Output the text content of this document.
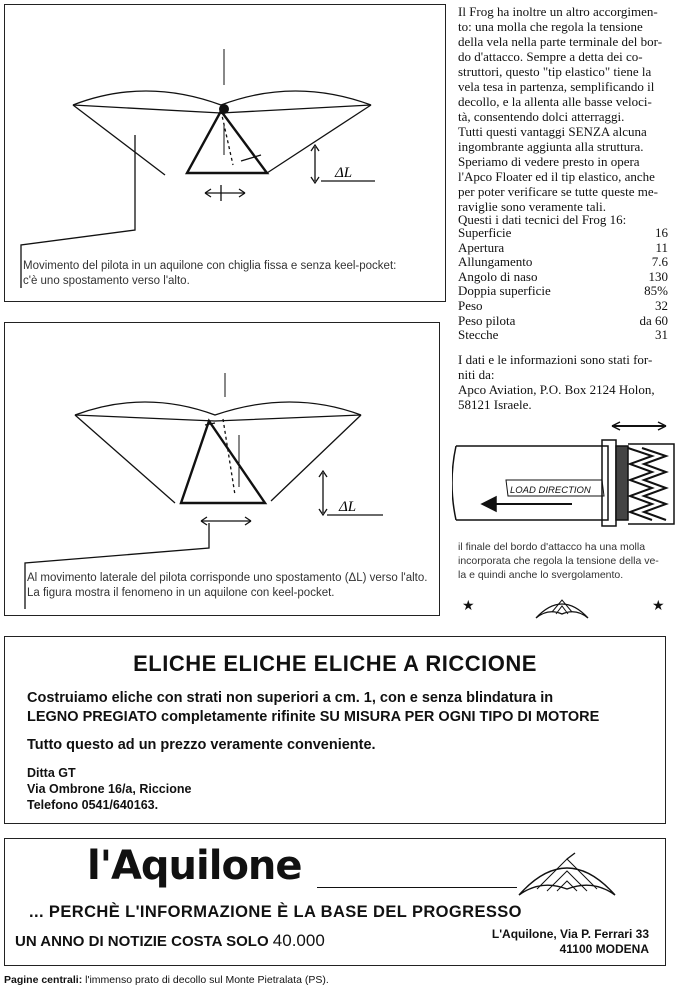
ΔL
Movimento del pilota in un aquilone con chiglia fissa e senza keel-pocket:
c'è uno spostamento verso l'alto.
ΔL
Al movimento laterale del pilota corrisponde uno spostamento (ΔL) verso l'alto.
La figura mostra il fenomeno in un aquilone con keel-pocket.
Il Frog ha inoltre un altro accorgimen-
to: una molla che regola la tensione
della vela nella parte terminale del bor-
do d'attacco. Sempre a detta dei co-
struttori, questo "tip elastico" tiene la
vela tesa in partenza, semplificando il
decollo, e la allenta alle basse veloci-
tà, consentendo dolci atterraggi.
Tutti questi vantaggi SENZA alcuna
ingombrante aggiunta alla struttura.
Speriamo di vedere presto in opera
l'Apco Floater ed il tip elastico, anche
per poter verificare se tutte queste me-
raviglie sono veramente tali.
Questi i dati tecnici del Frog 16:
Superficie	16
Apertura	11
Allungamento	7.6
Angolo di naso	130
Doppia superficie	85%
Peso	32
Peso pilota	da 60
Stecche	31
I dati e le informazioni sono stati for-
niti da:
Apco Aviation, P.O. Box 2124 Holon,
58121 Israele.
LOAD DIRECTION
il finale del bordo d'attacco ha una molla
incorporata che regola la tensione della ve-
la e quindi anche lo svergolamento.
★	★
ELICHE ELICHE ELICHE A RICCIONE
Costruiamo eliche con strati non superiori a cm. 1, con e senza blindatura in
LEGNO PREGIATO completamente rifinite SU MISURA PER OGNI TIPO DI MOTORE
Tutto questo ad un prezzo veramente conveniente.
Ditta GT
Via Ombrone 16/a, Riccione
Telefono 0541/640163.
l'Aquilone
... PERCHÈ L'INFORMAZIONE È LA BASE DEL PROGRESSO
UN ANNO DI NOTIZIE COSTA SOLO 40.000	L'Aquilone, Via P. Ferrari 33
41100 MODENA
Pagine centrali: l'immenso prato di decollo sul Monte Pietralata (PS).
